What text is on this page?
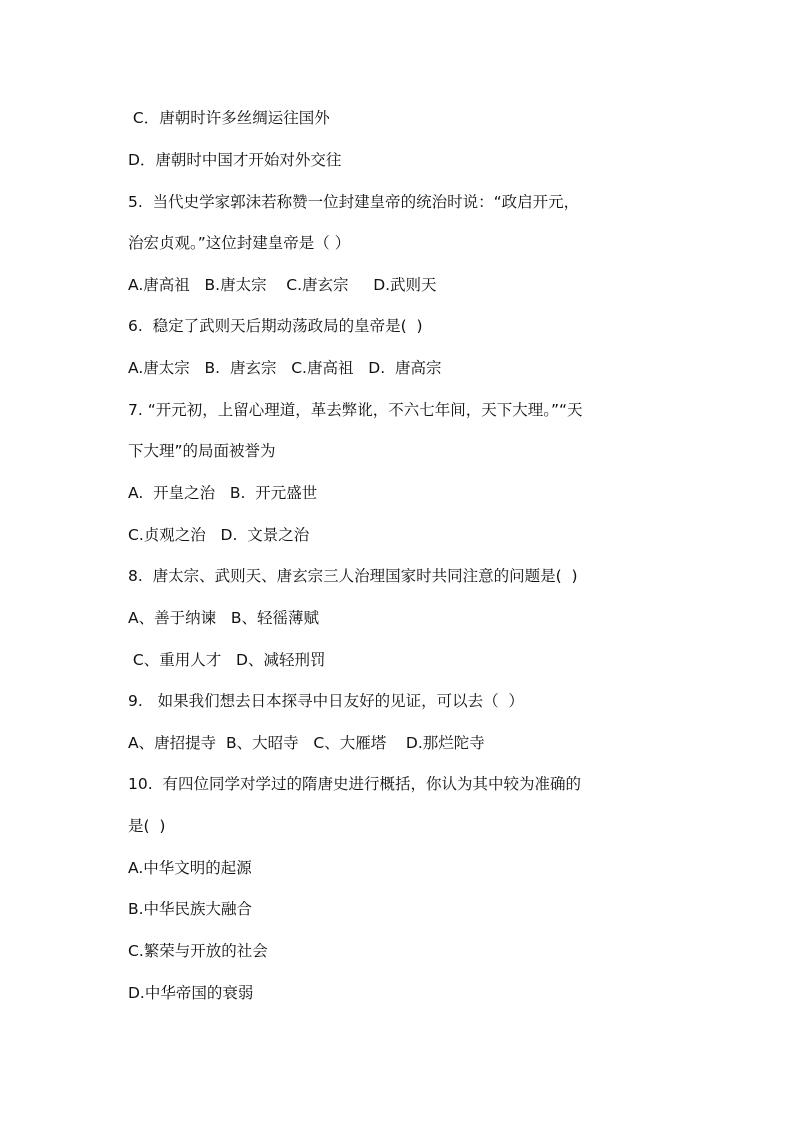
C．唐朝时许多丝绸运往国外
D．唐朝时中国才开始对外交往
5.  当代史学家郭沫若称赞一位封建皇帝的统治时说：“政启开元，
治宏贞观。”这位封建皇帝是（ ）
A.唐高祖   B.唐太宗    C.唐玄宗     D.武则天
6.  稳定了武则天后期动荡政局的皇帝是(  )
A.唐太宗   B.  唐玄宗   C.唐高祖   D.  唐高宗
7. “开元初，上留心理道，革去弊讹，不六七年间，天下大理。”“天
下大理”的局面被誉为
A.  开皇之治   B.  开元盛世
C.贞观之治   D.  文景之治
8.  唐太宗、武则天、唐玄宗三人治理国家时共同注意的问题是(  )
A、善于纳谏   B、轻徭薄赋
C、重用人才   D、减轻刑罚
9.   如果我们想去日本探寻中日友好的见证，可以去（  ）
A、唐招提寺  B、大昭寺   C、大雁塔    D.那烂陀寺
10.  有四位同学对学过的隋唐史进行概括，你认为其中较为准确的
是(  )
A.中华文明的起源
B.中华民族大融合
C.繁荣与开放的社会
D.中华帝国的衰弱
